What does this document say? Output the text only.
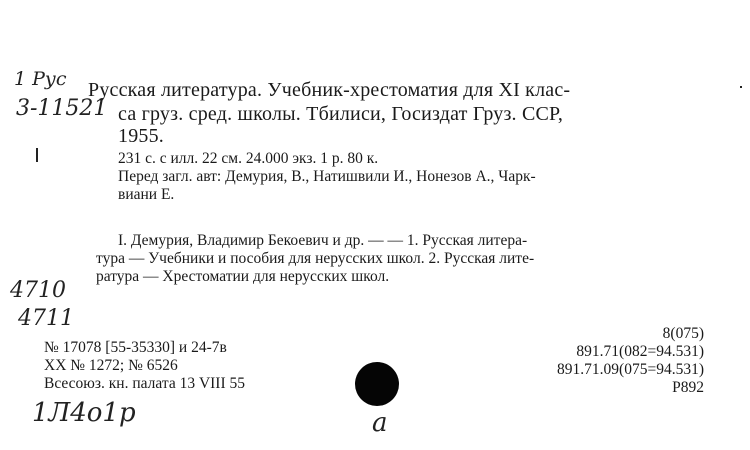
1 Рус
3-11521
Русская литература. Учебник-хрестоматия для XI клас-
са груз. сред. школы. Тбилиси, Госиздат Груз. ССР,
1955.
231 с. с илл. 22 см. 24.000 экз. 1 р. 80 к.
Перед загл. авт: Демурия, В., Натишвили И., Нонезов А., Чарк-
виани Е.
I. Демурия, Владимир Бекоевич и др. — — 1. Русская литера-
тура — Учебники и пособия для нерусских школ. 2. Русская лите-
ратура — Хрестоматии для нерусских школ.
4710
4711
№ 17078 [55-35330] и 24-7в
XX № 1272; № 6526
Всесоюз. кн. палата 13 VIII 55
8(075)
891.71(082=94.531)
891.71.09(075=94.531)
Р892
1Л4о1р	а
